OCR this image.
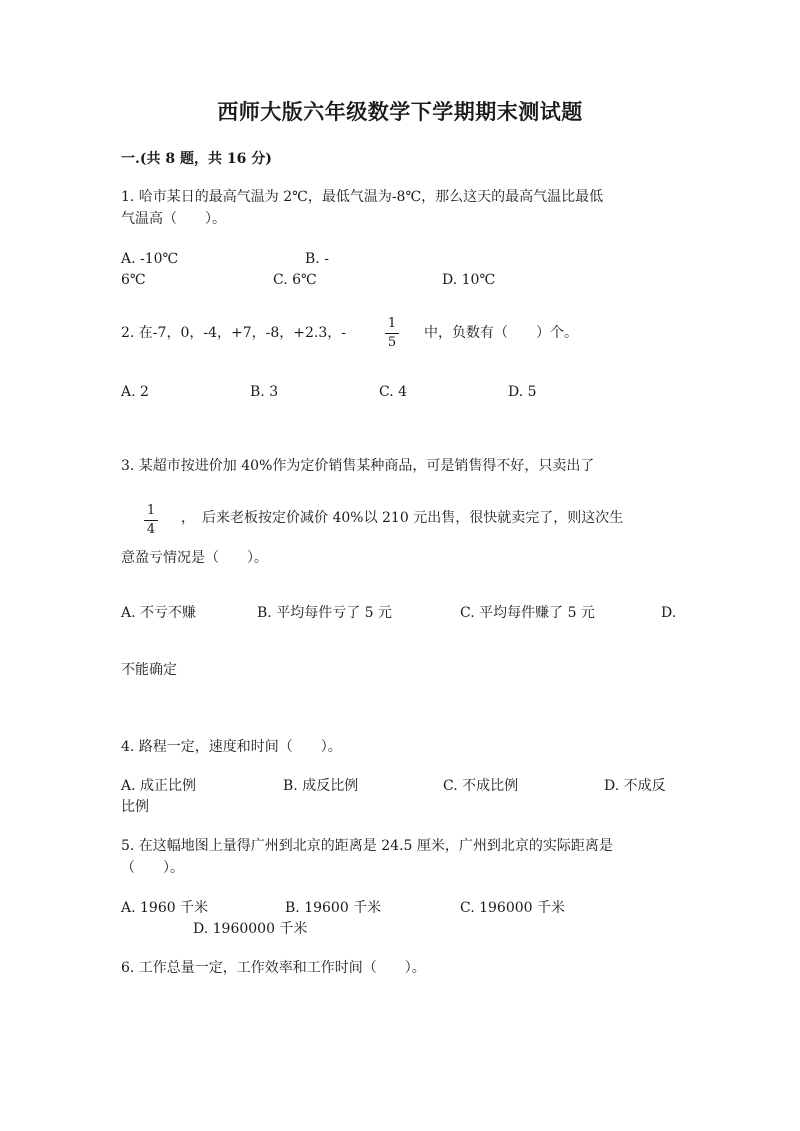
西师大版六年级数学下学期期末测试题
一.(共 8 题，共 16 分)
1. 哈市某日的最高气温为 2℃，最低气温为-8℃，那么这天的最高气温比最低
气温高（　　）。
A. -10℃	B. -
6℃	C. 6℃	D. 10℃
2. 在-7，0，-4，+7，-8，+2.3，-
1
5
中，负数有（　　）个。
A. 2	B. 3	C. 4	D. 5
3. 某超市按进价加 40%作为定价销售某种商品，可是销售得不好，只卖出了
1
4
，　后来老板按定价减价 40%以 210 元出售，很快就卖完了，则这次生
意盈亏情况是（　　）。
A. 不亏不赚	B. 平均每件亏了 5 元	C. 平均每件赚了 5 元	D.
不能确定
4. 路程一定，速度和时间（　　）。
A. 成正比例	B. 成反比例	C. 不成比例	D. 不成反
比例
5. 在这幅地图上量得广州到北京的距离是 24.5 厘米，广州到北京的实际距离是
（　　）。
A. 1960 千米	B. 19600 千米	C. 196000 千米
D. 1960000 千米
6. 工作总量一定，工作效率和工作时间（　　）。
